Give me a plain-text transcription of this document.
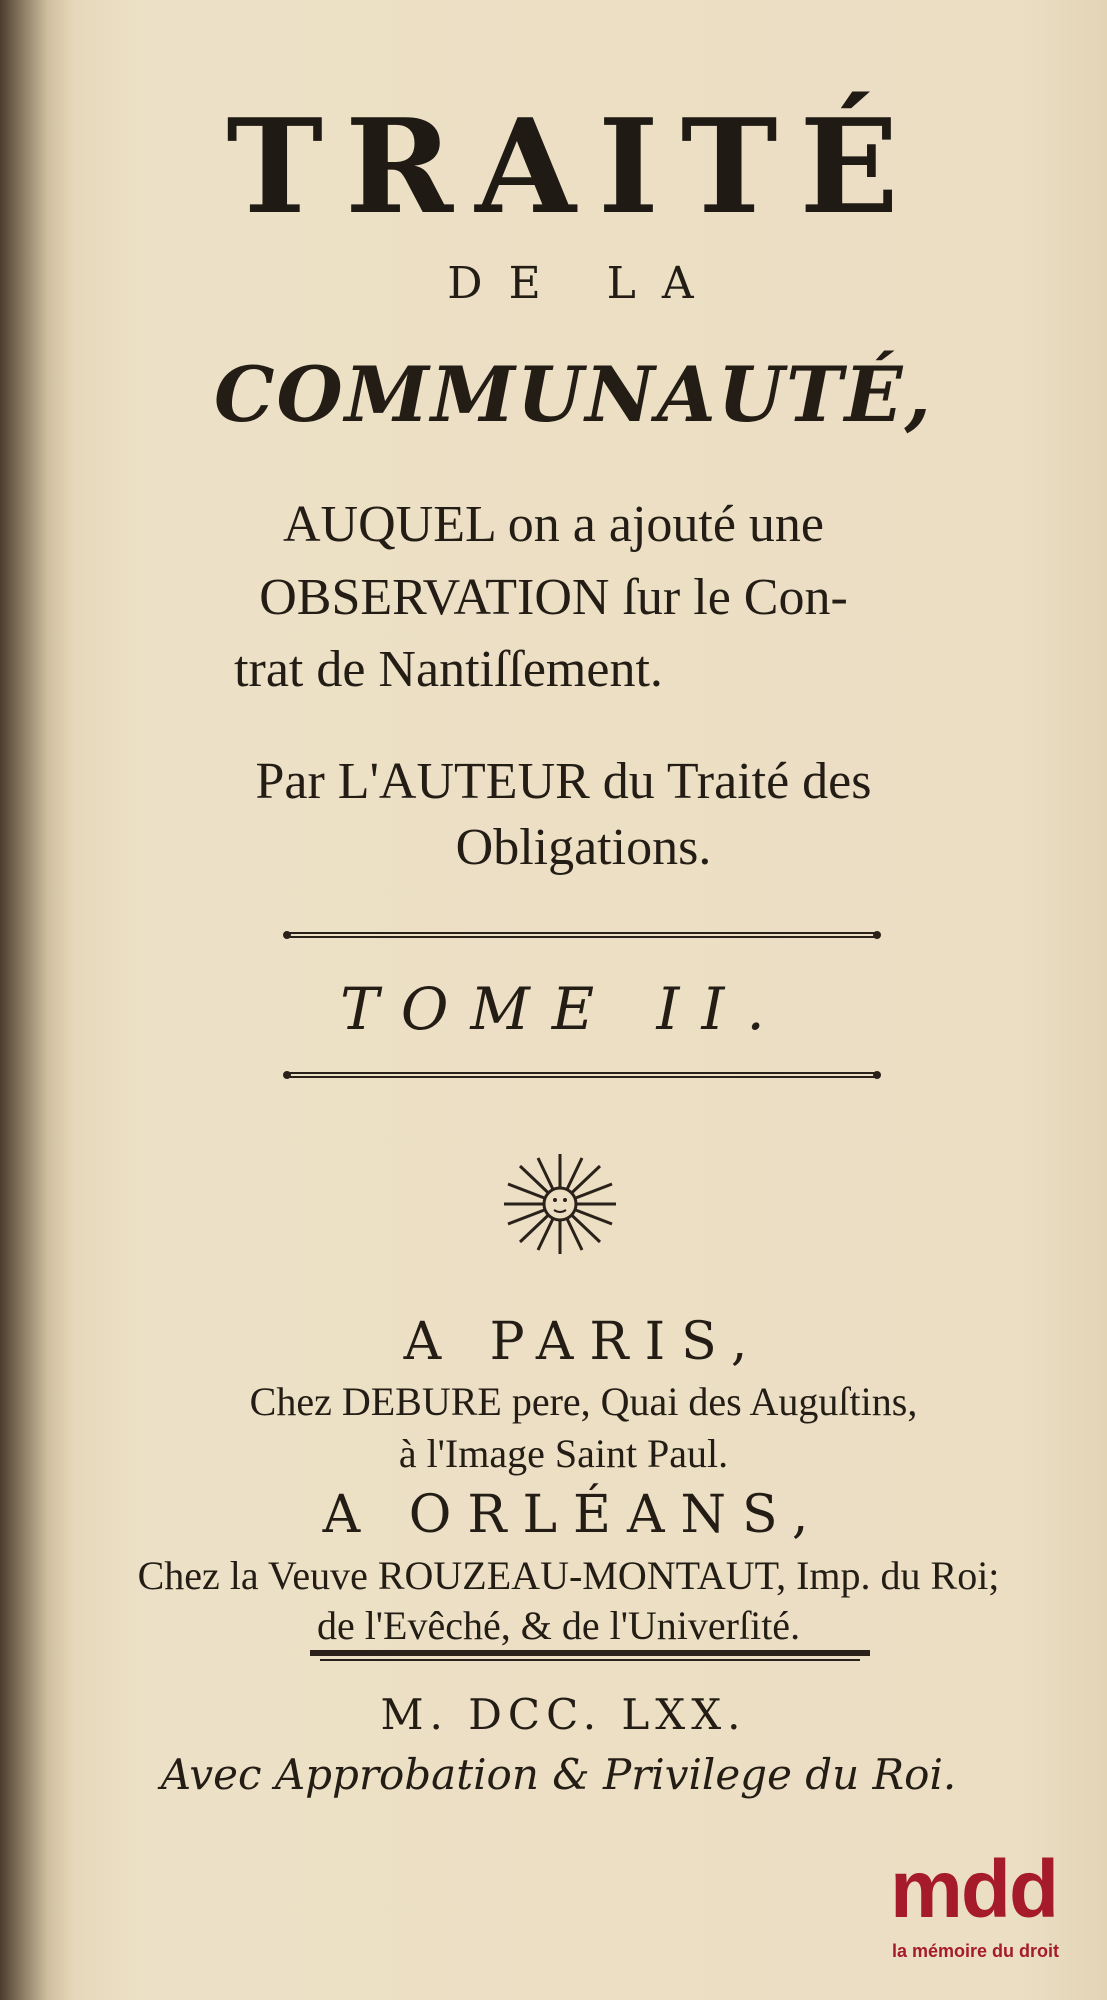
TRAITÉ
DE LA
COMMUNAUTÉ,
AUQUEL on a ajouté une
OBSERVATION ſur le Con-
trat de Nantiſſement.
Par L'AUTEUR du Traité des
Obligations.
TOME II.
A PARIS,
Chez DEBURE pere, Quai des Auguſtins,
à l'Image Saint Paul.
A ORLÉANS,
Chez la Veuve ROUZEAU-MONTAUT, Imp. du Roi;
de l'Evêché, & de l'Univerſité.
M. DCC. LXX.
Avec Approbation & Privilege du Roi.
mdd
la mémoire du droit
